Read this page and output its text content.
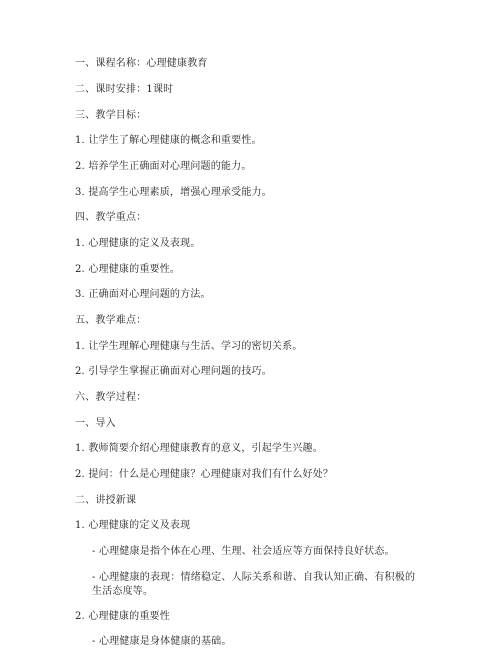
一、课程名称：心理健康教育
二、课时安排：1课时
三、教学目标：
1. 让学生了解心理健康的概念和重要性。
2. 培养学生正确面对心理问题的能力。
3. 提高学生心理素质，增强心理承受能力。
四、教学重点：
1. 心理健康的定义及表现。
2. 心理健康的重要性。
3. 正确面对心理问题的方法。
五、教学难点：
1. 让学生理解心理健康与生活、学习的密切关系。
2. 引导学生掌握正确面对心理问题的技巧。
六、教学过程：
一、导入
1. 教师简要介绍心理健康教育的意义，引起学生兴趣。
2. 提问：什么是心理健康？心理健康对我们有什么好处？
二、讲授新课
1. 心理健康的定义及表现
- 心理健康是指个体在心理、生理、社会适应等方面保持良好状态。
- 心理健康的表现：情绪稳定、人际关系和谐、自我认知正确、有积极的生活态度等。
2. 心理健康的重要性
- 心理健康是身体健康的基础。
